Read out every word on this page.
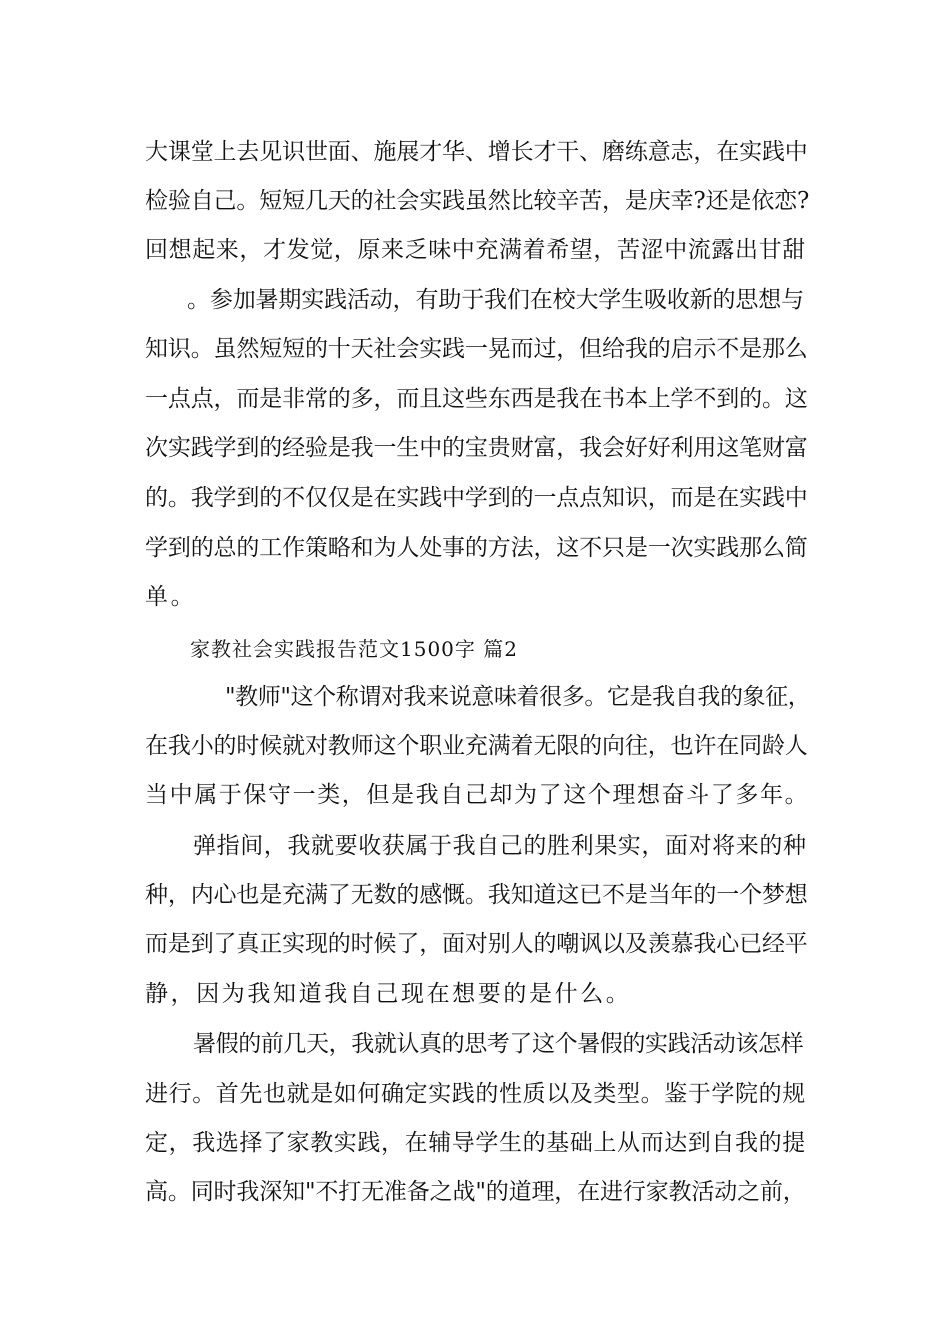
大课堂上去见识世面、施展才华、增长才干、磨练意志，在实践中
检验自己。短短几天的社会实践虽然比较辛苦，是庆幸?还是依恋?
回想起来，才发觉，原来乏味中充满着希望，苦涩中流露出甘甜
。参加暑期实践活动，有助于我们在校大学生吸收新的思想与
知识。虽然短短的十天社会实践一晃而过，但给我的启示不是那么
一点点，而是非常的多，而且这些东西是我在书本上学不到的。这
次实践学到的经验是我一生中的宝贵财富，我会好好利用这笔财富
的。我学到的不仅仅是在实践中学到的一点点知识，而是在实践中
学到的总的工作策略和为人处事的方法，这不只是一次实践那么简
单。
家教社会实践报告范文1500字 篇2
"教师"这个称谓对我来说意味着很多。它是我自我的象征，
在我小的时候就对教师这个职业充满着无限的向往，也许在同龄人
当中属于保守一类，但是我自己却为了这个理想奋斗了多年。
弹指间，我就要收获属于我自己的胜利果实，面对将来的种
种，内心也是充满了无数的感慨。我知道这已不是当年的一个梦想
而是到了真正实现的时候了，面对别人的嘲讽以及羡慕我心已经平
静，因为我知道我自己现在想要的是什么。
暑假的前几天，我就认真的思考了这个暑假的实践活动该怎样
进行。首先也就是如何确定实践的性质以及类型。鉴于学院的规
定，我选择了家教实践，在辅导学生的基础上从而达到自我的提
高。同时我深知"不打无准备之战"的道理，在进行家教活动之前，
